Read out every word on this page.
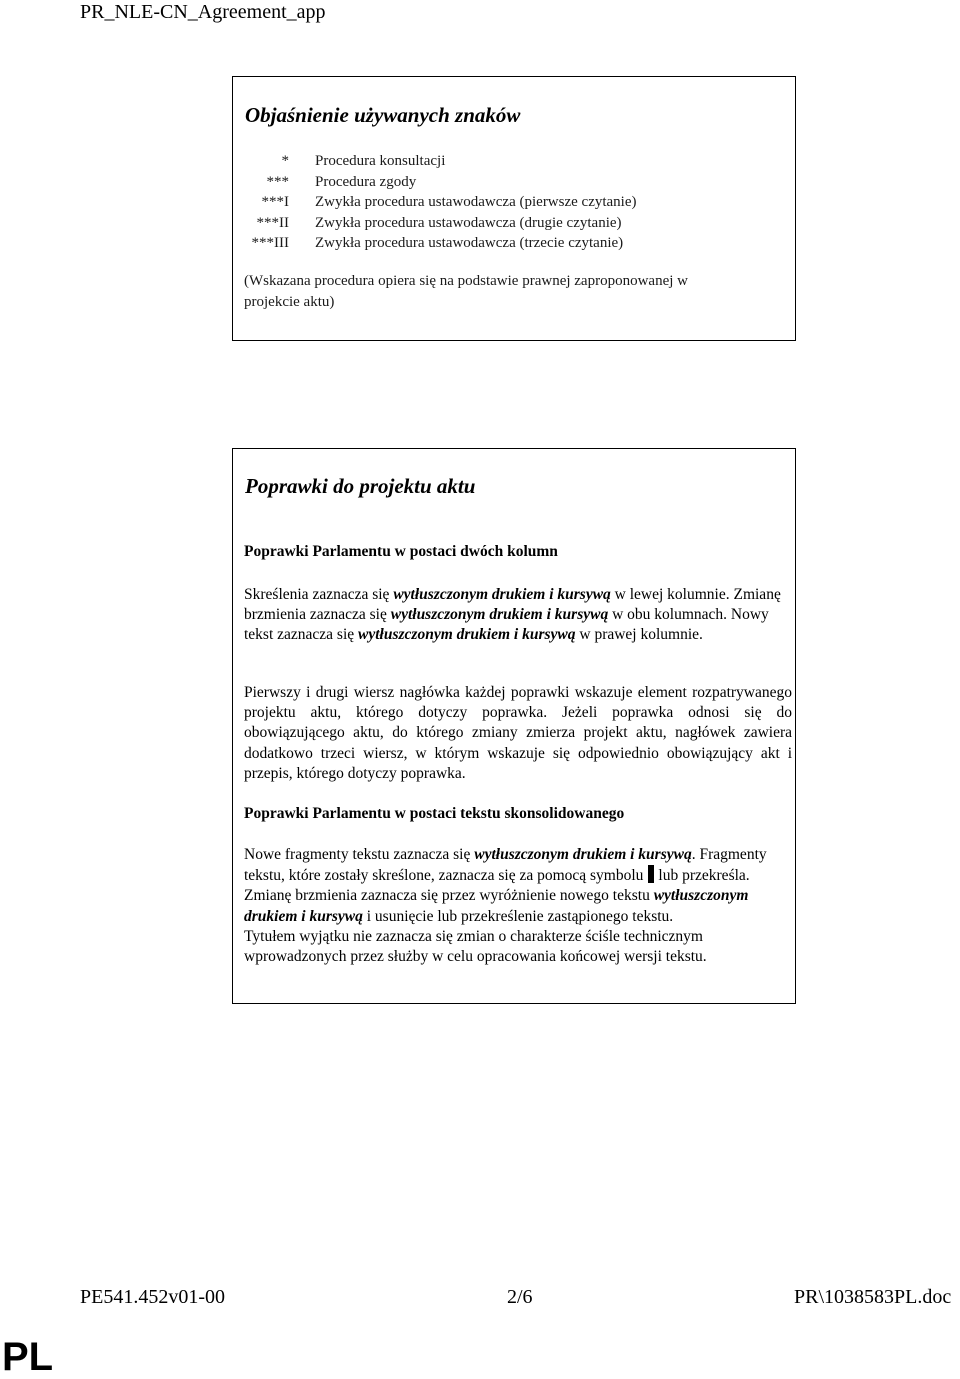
PR_NLE-CN_Agreement_app
Objaśnienie używanych znaków
*	Procedura konsultacji
***	Procedura zgody
***I	Zwykła procedura ustawodawcza (pierwsze czytanie)
***II	Zwykła procedura ustawodawcza (drugie czytanie)
***III	Zwykła procedura ustawodawcza (trzecie czytanie)
(Wskazana procedura opiera się na podstawie prawnej zaproponowanej w
projekcie aktu)
Poprawki do projektu aktu
Poprawki Parlamentu w postaci dwóch kolumn

Skreślenia zaznacza się wytłuszczonym drukiem i kursywą w lewej kolumnie. Zmianę brzmienia zaznacza się wytłuszczonym drukiem i kursywą w obu kolumnach. Nowy tekst zaznacza się wytłuszczonym drukiem i kursywą w prawej kolumnie.

Pierwszy i drugi wiersz nagłówka każdej poprawki wskazuje element rozpatrywanego projektu aktu, którego dotyczy poprawka. Jeżeli poprawka odnosi się do obowiązującego aktu, do którego zmiany zmierza projekt aktu, nagłówek zawiera dodatkowo trzeci wiersz, w którym wskazuje się odpowiednio obowiązujący akt i przepis, którego dotyczy poprawka.

Poprawki Parlamentu w postaci tekstu skonsolidowanego

Nowe fragmenty tekstu zaznacza się wytłuszczonym drukiem i kursywą. Fragmenty tekstu, które zostały skreślone, zaznacza się za pomocą symbolu lub przekreśla. Zmianę brzmienia zaznacza się przez wyróżnienie nowego tekstu wytłuszczonym drukiem i kursywą i usunięcie lub przekreślenie zastąpionego tekstu.
Tytułem wyjątku nie zaznacza się zmian o charakterze ściśle technicznym wprowadzonych przez służby w celu opracowania końcowej wersji tekstu.

PE541.452v01-00	2/6	PR\1038583PL.doc
PL
